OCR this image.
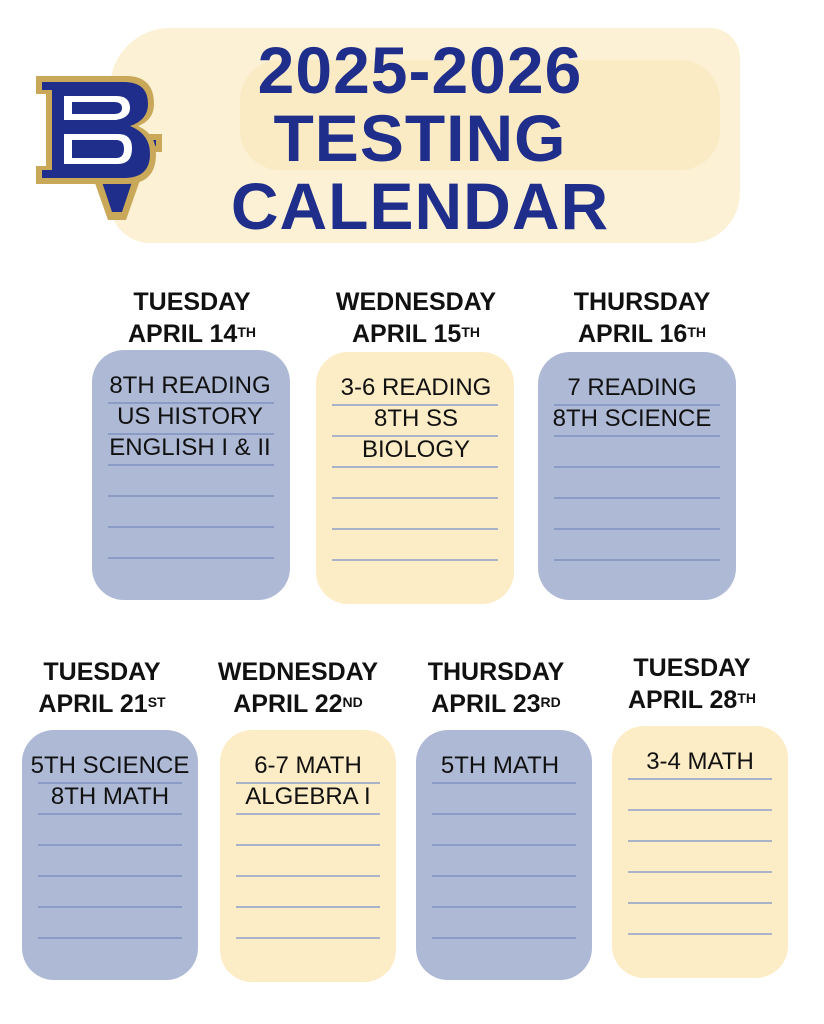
2025-2026
TESTING
CALENDAR
TUESDAY
APRIL 14TH
8TH READING
US HISTORY
ENGLISH I & II
WEDNESDAY
APRIL 15TH
3-6 READING
8TH SS
BIOLOGY
THURSDAY
APRIL 16TH
7 READING
8TH SCIENCE
TUESDAY
APRIL 21ST
5TH SCIENCE
8TH MATH
WEDNESDAY
APRIL 22ND
6-7 MATH
ALGEBRA I
THURSDAY
APRIL 23RD
5TH MATH
TUESDAY
APRIL 28TH
3-4 MATH
